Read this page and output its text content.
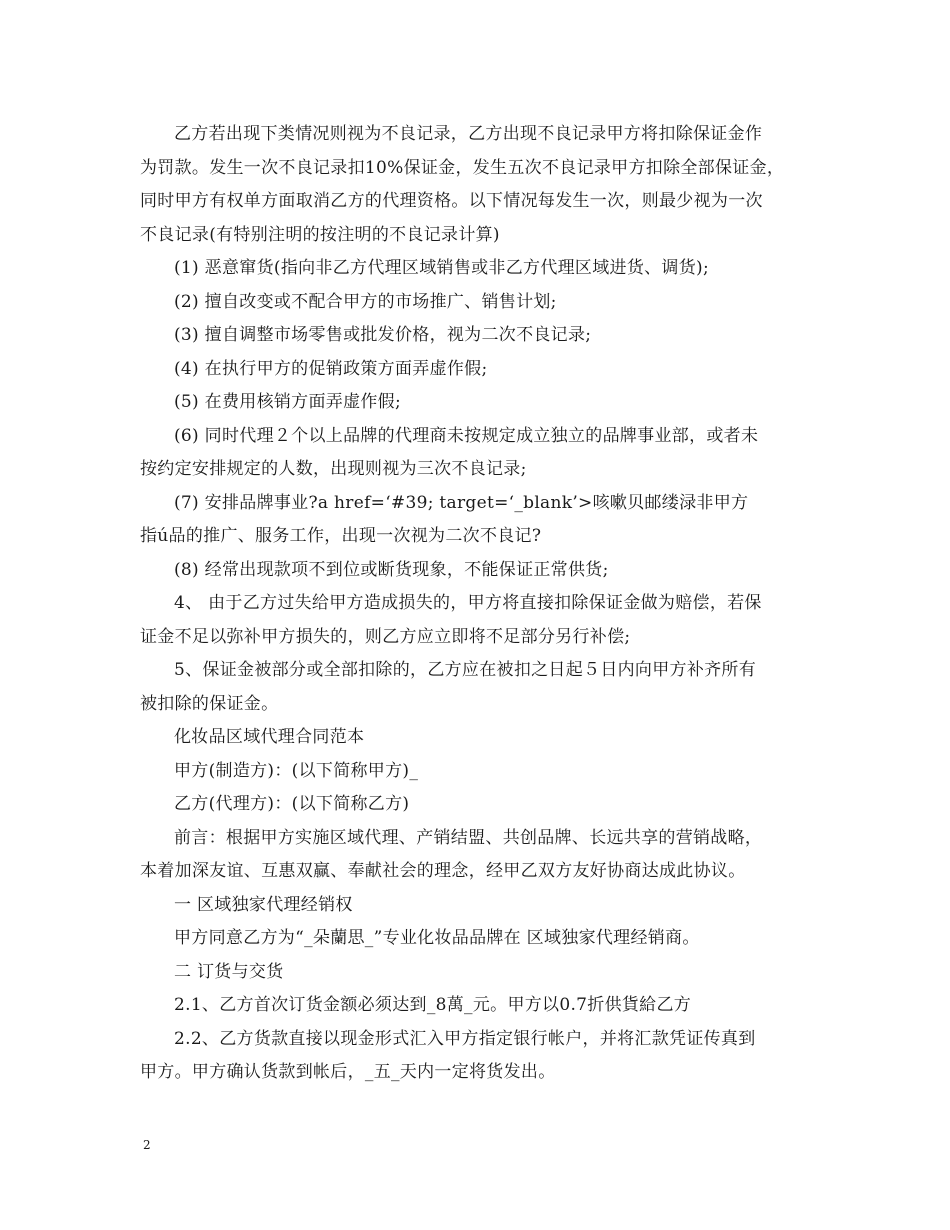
乙方若出现下类情况则视为不良记录，乙方出现不良记录甲方将扣除保证金作
为罚款。发生一次不良记录扣10%保证金，发生五次不良记录甲方扣除全部保证金，
同时甲方有权单方面取消乙方的代理资格。以下情况每发生一次，则最少视为一次
不良记录(有特别注明的按注明的不良记录计算)
(1) 恶意窜货(指向非乙方代理区域销售或非乙方代理区域进货、调货);
(2) 擅自改变或不配合甲方的市场推广、销售计划;
(3) 擅自调整市场零售或批发价格，视为二次不良记录;
(4) 在执行甲方的促销政策方面弄虚作假;
(5) 在费用核销方面弄虚作假;
(6) 同时代理２个以上品牌的代理商未按规定成立独立的品牌事业部，或者未
按约定安排规定的人数，出现则视为三次不良记录;
(7) 安排品牌事业?a href=‘#39; target=‘_blank’>咳嗽贝邮缕渌非甲方
指ú品的推广、服务工作，出现一次视为二次不良记?
(8) 经常出现款项不到位或断货现象，不能保证正常供货;
4、 由于乙方过失给甲方造成损失的，甲方将直接扣除保证金做为赔偿，若保
证金不足以弥补甲方损失的，则乙方应立即将不足部分另行补偿;
5、保证金被部分或全部扣除的，乙方应在被扣之日起５日内向甲方补齐所有
被扣除的保证金。
化妆品区域代理合同范本
甲方(制造方)：(以下简称甲方)_
乙方(代理方)：(以下简称乙方)
前言：根据甲方实施区域代理、产销结盟、共创品牌、长远共享的营销战略，
本着加深友谊、互惠双赢、奉献社会的理念，经甲乙双方友好协商达成此协议。
一 区域独家代理经销权
甲方同意乙方为“_朵蘭思_”专业化妆品品牌在 区域独家代理经销商。
二 订货与交货
2.1、乙方首次订货金额必须达到_8萬_元。甲方以0.7折供貨給乙方
2.2、乙方货款直接以现金形式汇入甲方指定银行帐户，并将汇款凭证传真到
甲方。甲方确认货款到帐后，_五_天内一定将货发出。
2
